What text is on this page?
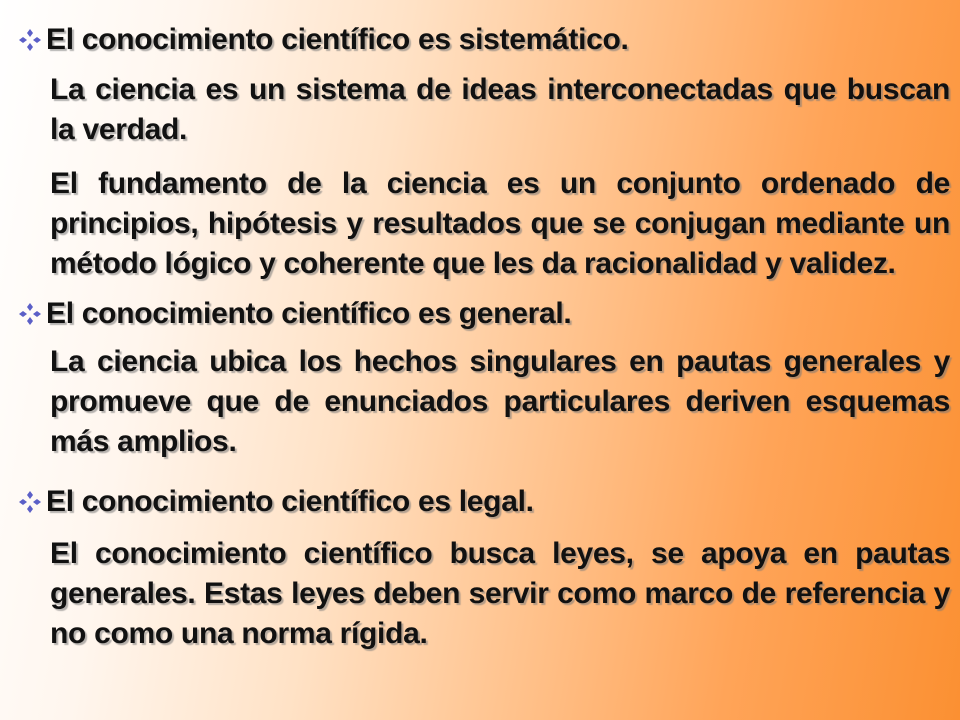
El conocimiento científico es sistemático.

La ciencia es un sistema de ideas interconectadas que buscan la verdad.

El fundamento de la ciencia es un conjunto ordenado de principios, hipótesis y resultados que se conjugan mediante un método lógico y coherente que les da racionalidad y validez.

El conocimiento científico es general.

La ciencia ubica los hechos singulares en pautas generales y promueve que de enunciados particulares deriven esquemas más amplios.

El conocimiento científico es legal.

El conocimiento científico busca leyes, se apoya en pautas generales. Estas leyes deben servir como marco de referencia y no como una norma rígida.
